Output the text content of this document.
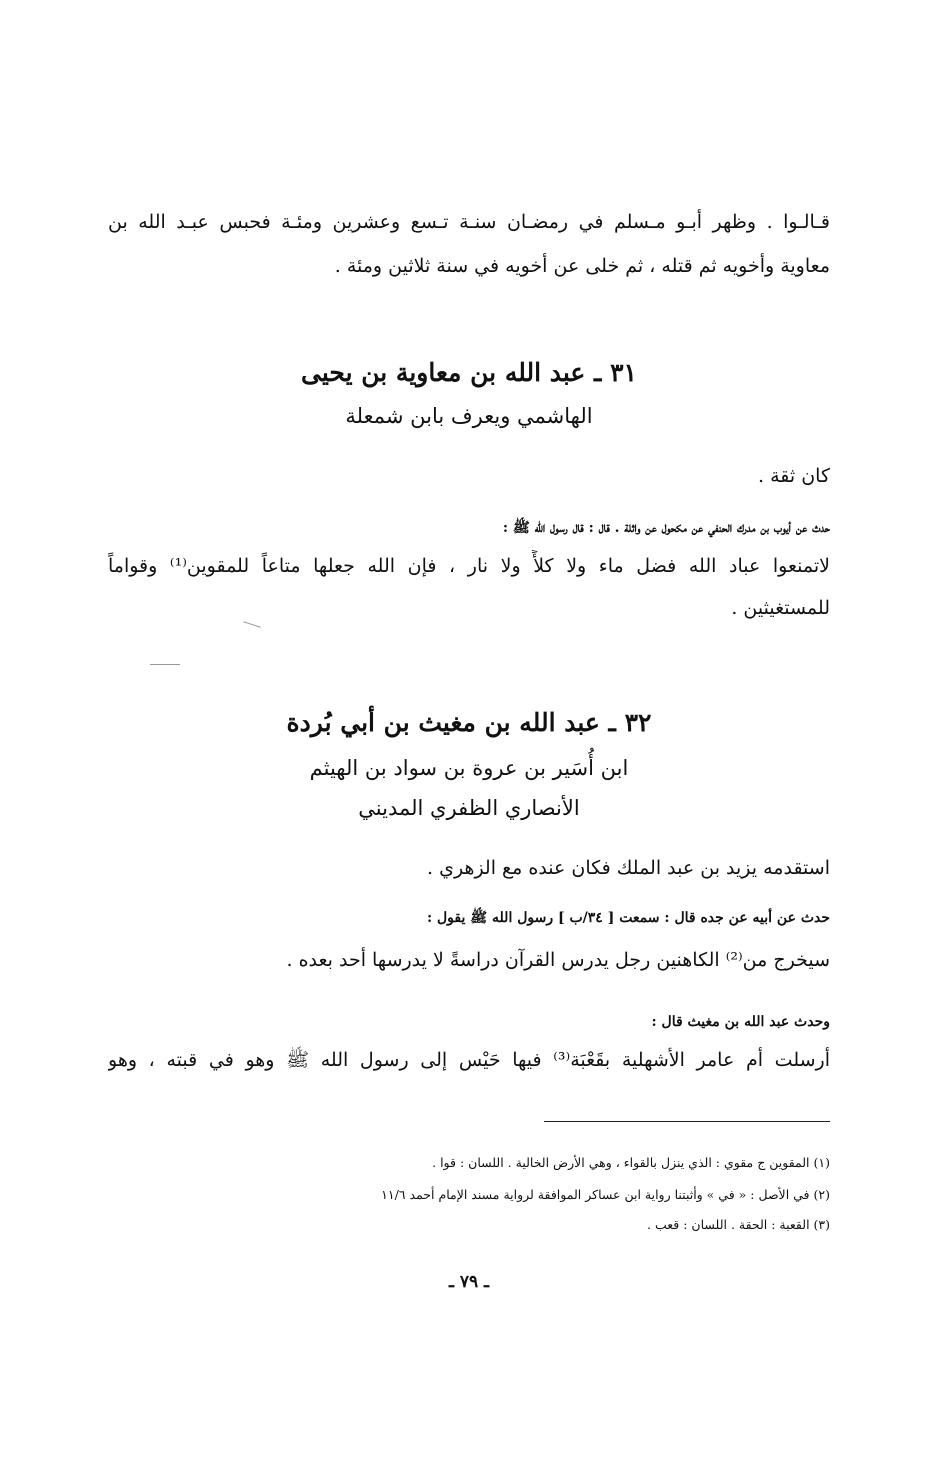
قـالـوا . وظهر أبـو مـسلم في رمضـان سنـة تـسع وعشرين ومئـة فحبس عبـد الله بن
معاوية وأخويه ثم قتله ، ثم خلى عن أخويه في سنة ثلاثين ومئة .
٣١ ـ عبد الله بن معاوية بن يحيى
الهاشمي ويعرف بابن شمعلة
كان ثقة .
حدث عن أيوب بن مدرك الحنفي عن مكحول عن واثلة . قال : قال رسول الله ﷺ :
لاتمنعوا عباد الله فضل ماء ولا كلأً ولا نار ، فإن الله جعلها متاعاً للمقوين⁽¹⁾ وقواماً
للمستغيثين .
٣٢ ـ عبد الله بن مغيث بن أبي بُردة
ابن أُسَير بن عروة بن سواد بن الهيثم
الأنصاري الظفري المديني
استقدمه يزيد بن عبد الملك فكان عنده مع الزهري .
حدث عن أبيه عن جده قال : سمعت [ ٣٤/ب ] رسول الله ﷺ يقول :
سيخرج من⁽²⁾ الكاهنين رجل يدرس القرآن دراسةً لا يدرسها أحد بعده .
وحدث عبد الله بن مغيث قال :
أرسلت أم عامر الأشهلية بقَعْبَة⁽³⁾ فيها حَيْس إلى رسول الله ﷺ وهو في قبته ، وهو
(١) المقوين ج مقوي : الذي ينزل بالقواء ، وهي الأرض الخالية . اللسان : قوا .
(٢) في الأصل : « في » وأثبتنا رواية ابن عساكر الموافقة لرواية مسند الإمام أحمد ١١/٦
(٣) القعبة : الحقة . اللسان : قعب .
ـ ٧٩ ـ
